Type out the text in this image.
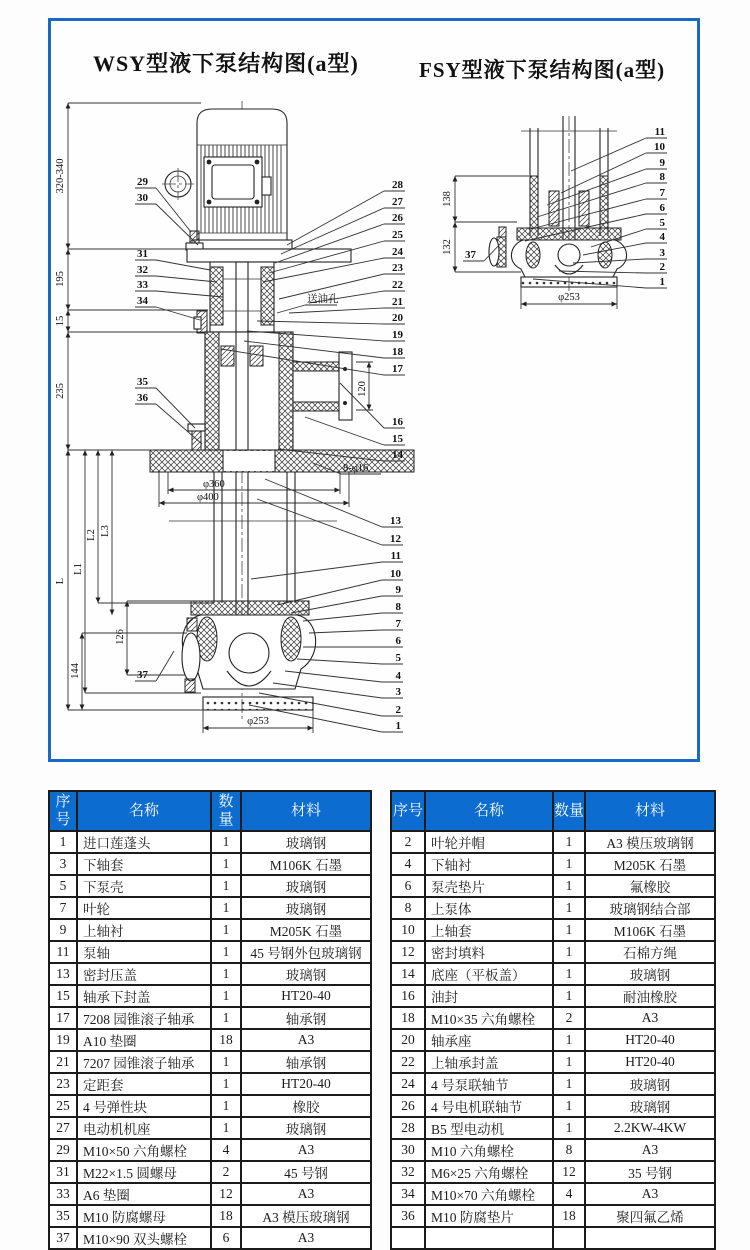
WSY型液下泵结构图(a型)	FSY型液下泵结构图(a型)
120
送油孔
8-φ16
φ360
φ400
φ253
320-340
195
15
235
L
L1
L2 L3
126
144
29
30
31
32
33
34
35
36
37
28
27
26
25
24
23
22
21
20
19
18
17
16
15
14
13
12
11
10
9
8
7
6
5
4
3
2
1
φ253
138
132
11
10
9
8
7
6
5
4
3
2
1
37
序号	名称	数量	材料
1	进口莲蓬头	1	玻璃钢
3	下轴套	1	M106K 石墨
5	下泵壳	1	玻璃钢
7	叶轮	1	玻璃钢
9	上轴衬	1	M205K 石墨
11	泵轴	1	45 号钢外包玻璃钢
13	密封压盖	1	玻璃钢
15	轴承下封盖	1	HT20-40
17	7208 园锥滚子轴承	1	轴承钢
19	A10 垫圈	18	A3
21	7207 园锥滚子轴承	1	轴承钢
23	定距套	1	HT20-40
25	4 号弹性块	1	橡胶
27	电动机机座	1	玻璃钢
29	M10×50 六角螺栓	4	A3
31	M22×1.5 圆螺母	2	45 号钢
33	A6 垫圈	12	A3
35	M10 防腐螺母	18	A3 模压玻璃钢
37	M10×90 双头螺栓	6	A3
序号	名称	数量	材料
2	叶轮并帽	1	A3 模压玻璃钢
4	下轴衬	1	M205K 石墨
6	泵壳垫片	1	氟橡胶
8	上泵体	1	玻璃钢结合部
10	上轴套	1	M106K 石墨
12	密封填料	1	石棉方绳
14	底座（平板盖）	1	玻璃钢
16	油封	1	耐油橡胶
18	M10×35 六角螺栓	2	A3
20	轴承座	1	HT20-40
22	上轴承封盖	1	HT20-40
24	4 号泵联轴节	1	玻璃钢
26	4 号电机联轴节	1	玻璃钢
28	B5 型电动机	1	2.2KW-4KW
30	M10 六角螺栓	8	A3
32	M6×25 六角螺栓	12	35 号钢
34	M10×70 六角螺栓	4	A3
36	M10 防腐垫片	18	聚四氟乙烯
